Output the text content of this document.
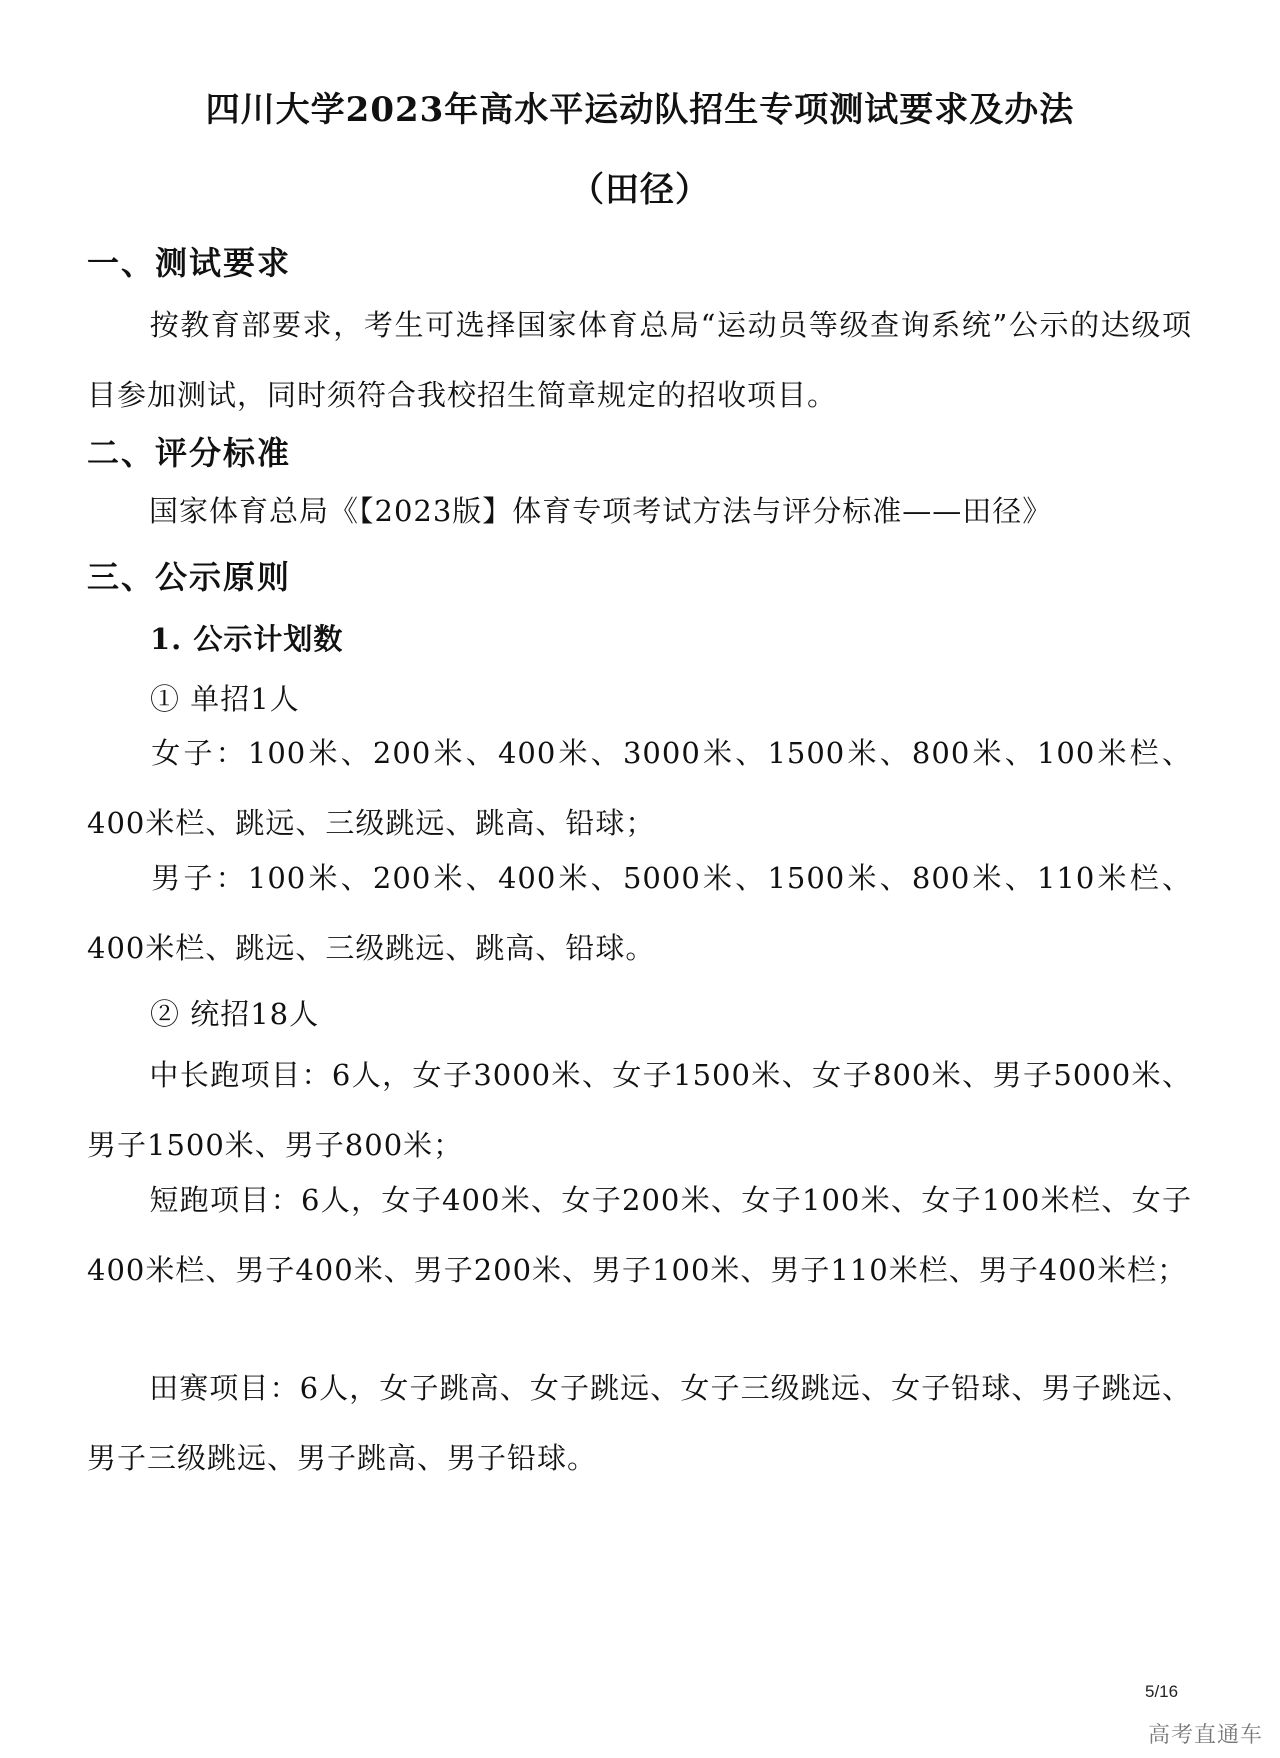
四川大学2023年高水平运动队招生专项测试要求及办法
（田径）
一、测试要求

按教育部要求，考生可选择国家体育总局“运动员等级查询系统”公示的达级项目参加测试，同时须符合我校招生简章规定的招收项目。

二、评分标准

国家体育总局《【2023版】体育专项考试方法与评分标准——田径》

三、公示原则
1. 公示计划数
① 单招1人

女子：100米、200米、400米、3000米、1500米、800米、100米栏、400米栏、跳远、三级跳远、跳高、铅球；

男子：100米、200米、400米、5000米、1500米、800米、110米栏、400米栏、跳远、三级跳远、跳高、铅球。

② 统招18人

中长跑项目：6人，女子3000米、女子1500米、女子800米、男子5000米、男子1500米、男子800米；

短跑项目：6人，女子400米、女子200米、女子100米、女子100米栏、女子400米栏、男子400米、男子200米、男子100米、男子110米栏、男子400米栏；

田赛项目：6人，女子跳高、女子跳远、女子三级跳远、女子铅球、男子跳远、男子三级跳远、男子跳高、男子铅球。

5/16
高考直通车
